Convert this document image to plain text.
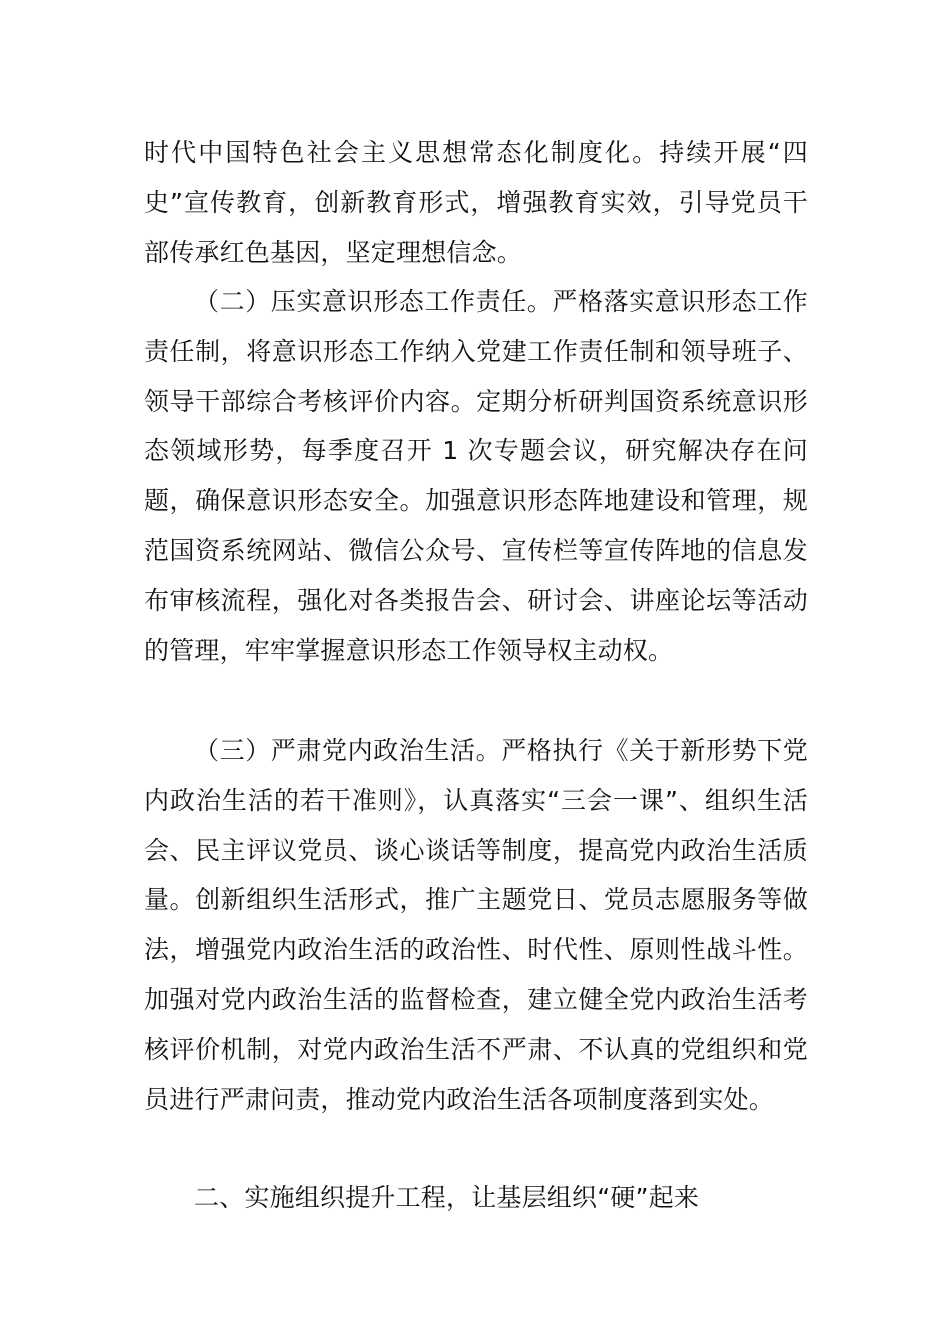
时代中国特色社会主义思想常态化制度化。持续开展“四史”宣传教育，创新教育形式，增强教育实效，引导党员干部传承红色基因，坚定理想信念。

（二）压实意识形态工作责任。严格落实意识形态工作责任制，将意识形态工作纳入党建工作责任制和领导班子、领导干部综合考核评价内容。定期分析研判国资系统意识形态领域形势，每季度召开 1 次专题会议，研究解决存在问题，确保意识形态安全。加强意识形态阵地建设和管理，规范国资系统网站、微信公众号、宣传栏等宣传阵地的信息发布审核流程，强化对各类报告会、研讨会、讲座论坛等活动的管理，牢牢掌握意识形态工作领导权主动权。

（三）严肃党内政治生活。严格执行《关于新形势下党内政治生活的若干准则》，认真落实“三会一课”、组织生活会、民主评议党员、谈心谈话等制度，提高党内政治生活质量。创新组织生活形式，推广主题党日、党员志愿服务等做法，增强党内政治生活的政治性、时代性、原则性战斗性。加强对党内政治生活的监督检查，建立健全党内政治生活考核评价机制，对党内政治生活不严肃、不认真的党组织和党员进行严肃问责，推动党内政治生活各项制度落到实处。

二、实施组织提升工程，让基层组织“硬”起来
